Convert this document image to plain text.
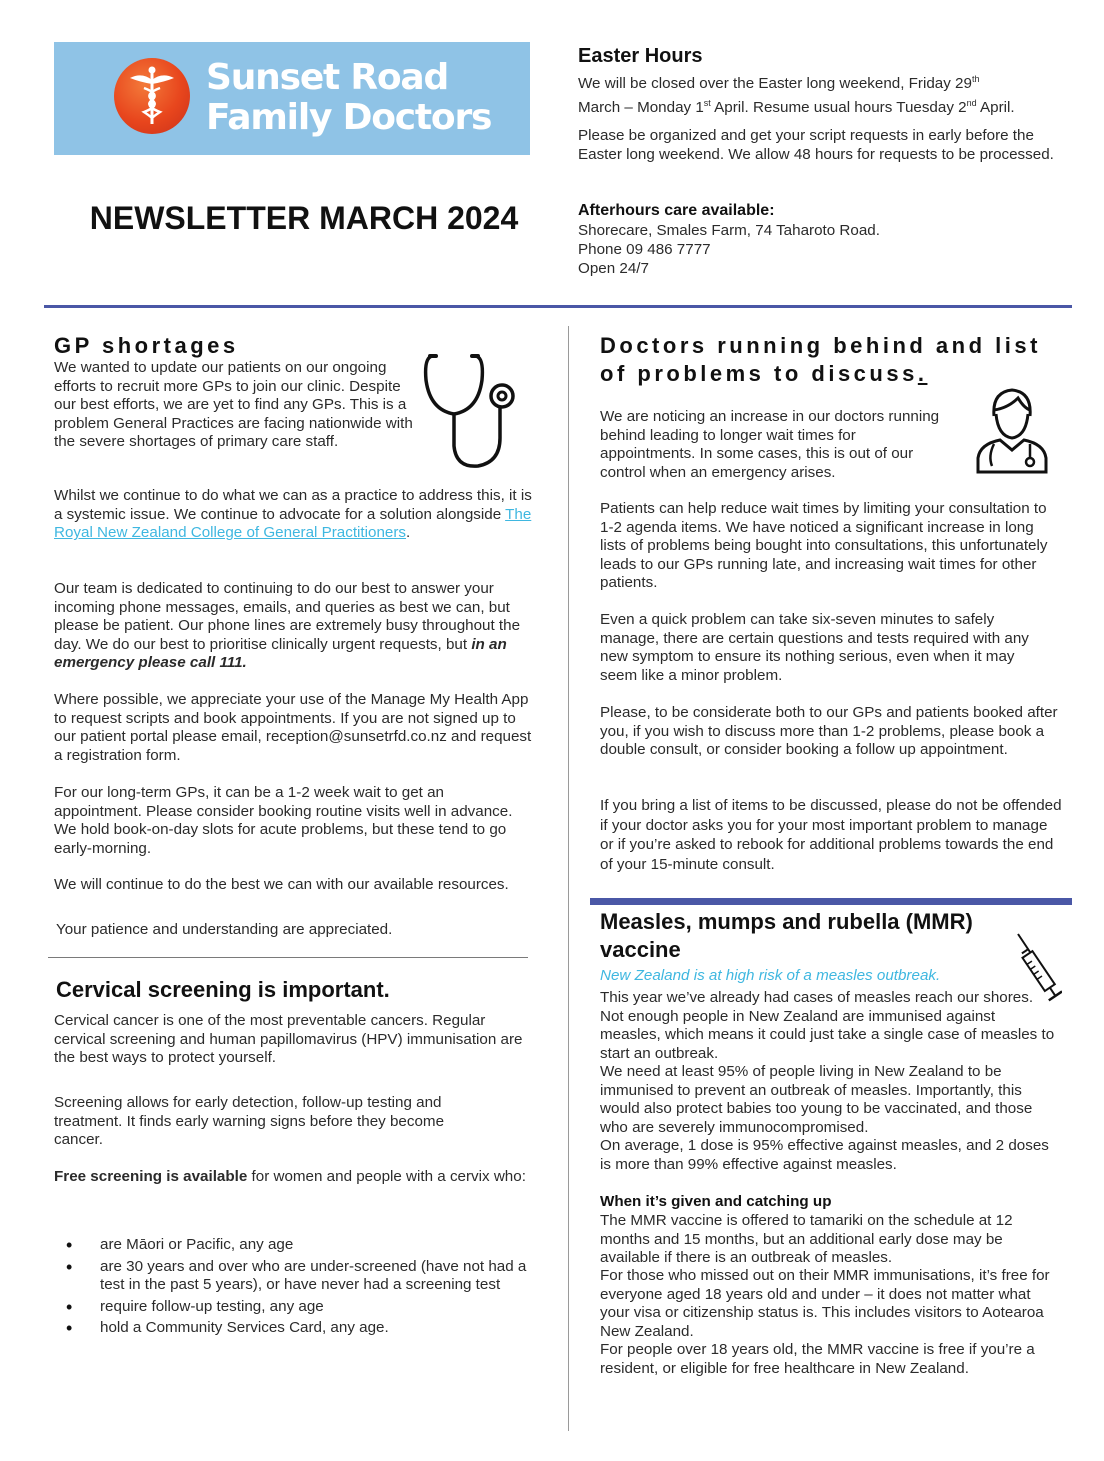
Sunset Road
Family Doctors
NEWSLETTER MARCH 2024
Easter Hours
We will be closed over the Easter long weekend, Friday 29th
March – Monday 1st April. Resume usual hours Tuesday 2nd April.

Please be organized and get your script requests in early before the Easter long weekend. We allow 48 hours for requests to be processed.

Afterhours care available:
Shorecare, Smales Farm, 74 Taharoto Road.
Phone 09 486 7777
Open 24/7
GP shortages

We wanted to update our patients on our ongoing efforts to recruit more GPs to join our clinic. Despite our best efforts, we are yet to find any GPs. This is a problem General Practices are facing nationwide with the severe shortages of primary care staff.

Whilst we continue to do what we can as a practice to address this, it is a systemic issue. We continue to advocate for a solution alongside The Royal New Zealand College of General Practitioners.

Our team is dedicated to continuing to do our best to answer your incoming phone messages, emails, and queries as best we can, but please be patient. Our phone lines are extremely busy throughout the day. We do our best to prioritise clinically urgent requests, but in an emergency please call 111.

Where possible, we appreciate your use of the Manage My Health App to request scripts and book appointments. If you are not signed up to our patient portal please email, reception@sunsetrfd.co.nz and request a registration form.

For our long-term GPs, it can be a 1-2 week wait to get an appointment. Please consider booking routine visits well in advance. We hold book-on-day slots for acute problems, but these tend to go early-morning.

We will continue to do the best we can with our available resources.

Your patience and understanding are appreciated.

Cervical screening is important.

Cervical cancer is one of the most preventable cancers. Regular cervical screening and human papillomavirus (HPV) immunisation are the best ways to protect yourself.

Screening allows for early detection, follow-up testing and treatment. It finds early warning signs before they become cancer.

Free screening is available for women and people with a cervix who:

• are Māori or Pacific, any age
• are 30 years and over who are under-screened (have not had a test in the past 5 years), or have never had a screening test
• require follow-up testing, any age
• hold a Community Services Card, any age.
Doctors running behind and list
of problems to discuss.

We are noticing an increase in our doctors running behind leading to longer wait times for appointments. In some cases, this is out of our control when an emergency arises.

Patients can help reduce wait times by limiting your consultation to 1-2 agenda items. We have noticed a significant increase in long lists of problems being bought into consultations, this unfortunately leads to our GPs running late, and increasing wait times for other patients.

Even a quick problem can take six-seven minutes to safely manage, there are certain questions and tests required with any new symptom to ensure its nothing serious, even when it may seem like a minor problem.

Please, to be considerate both to our GPs and patients booked after you, if you wish to discuss more than 1-2 problems, please book a double consult, or consider booking a follow up appointment.

If you bring a list of items to be discussed, please do not be offended if your doctor asks you for your most important problem to manage or if you’re asked to rebook for additional problems towards the end of your 15-minute consult.

Measles, mumps and rubella (MMR)
vaccine
New Zealand is at high risk of a measles outbreak.

This year we’ve already had cases of measles reach our shores. Not enough people in New Zealand are immunised against measles, which means it could just take a single case of measles to start an outbreak.

We need at least 95% of people living in New Zealand to be immunised to prevent an outbreak of measles. Importantly, this would also protect babies too young to be vaccinated, and those who are severely immunocompromised.

On average, 1 dose is 95% effective against measles, and 2 doses is more than 99% effective against measles.

When it’s given and catching up

The MMR vaccine is offered to tamariki on the schedule at 12 months and 15 months, but an additional early dose may be available if there is an outbreak of measles.

For those who missed out on their MMR immunisations, it’s free for everyone aged 18 years old and under – it does not matter what your visa or citizenship status is. This includes visitors to Aotearoa New Zealand.

For people over 18 years old, the MMR vaccine is free if you’re a resident, or eligible for free healthcare in New Zealand.
